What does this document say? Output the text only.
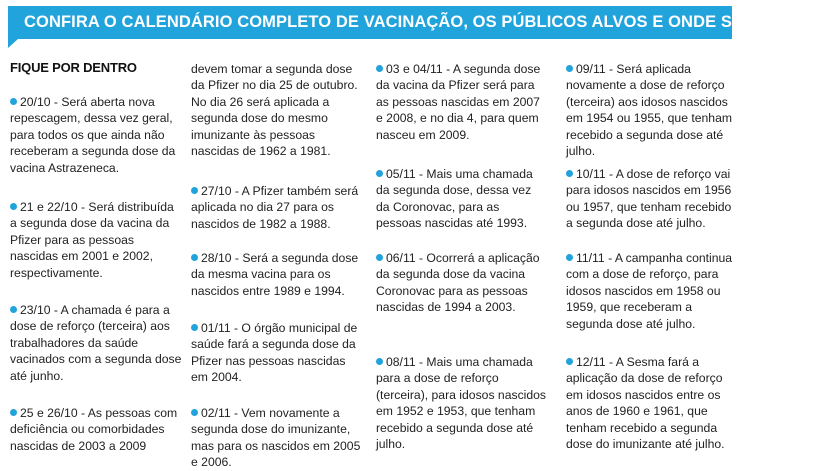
CONFIRA O CALENDÁRIO COMPLETO DE VACINAÇÃO, OS PÚBLICOS ALVOS E ONDE SE VACINAR

FIQUE POR DENTRO

20/10 - Será aberta nova repescagem, dessa vez geral, para todos os que ainda não receberam a segunda dose da vacina Astrazeneca.

21 e 22/10 - Será distribuída a segunda dose da vacina da Pfizer para as pessoas nascidas em 2001 e 2002, respectivamente.

23/10 - A chamada é para a dose de reforço (terceira) aos trabalhadores da saúde vacinados com a segunda dose até junho.

25 e 26/10 - As pessoas com deficiência ou comorbidades nascidas de 2003 a 2009

devem tomar a segunda dose da Pfizer no dia 25 de outubro. No dia 26 será aplicada a segunda dose do mesmo imunizante às pessoas nascidas de 1962 a 1981.

27/10 - A Pfizer também será aplicada no dia 27 para os nascidos de 1982 a 1988.

28/10 - Será a segunda dose da mesma vacina para os nascidos entre 1989 e 1994.

01/11 - O órgão municipal de saúde fará a segunda dose da Pfizer nas pessoas nascidas em 2004.

02/11 - Vem novamente a segunda dose do imunizante, mas para os nascidos em 2005 e 2006.

03 e 04/11 - A segunda dose da vacina da Pfizer será para as pessoas nascidas em 2007 e 2008, e no dia 4, para quem nasceu em 2009.

05/11 - Mais uma chamada da segunda dose, dessa vez da Coronovac, para as pessoas nascidas até 1993.

06/11 - Ocorrerá a aplicação da segunda dose da vacina Coronovac para as pessoas nascidas de 1994 a 2003.

08/11 - Mais uma chamada para a dose de reforço (terceira), para idosos nascidos em 1952 e 1953, que tenham recebido a segunda dose até julho.

09/11 - Será aplicada novamente a dose de reforço (terceira) aos idosos nascidos em 1954 ou 1955, que tenham recebido a segunda dose até julho.

10/11 - A dose de reforço vai para idosos nascidos em 1956 ou 1957, que tenham recebido a segunda dose até julho.

11/11 - A campanha continua com a dose de reforço, para idosos nascidos em 1958 ou 1959, que receberam a segunda dose até julho.

12/11 - A Sesma fará a aplicação da dose de reforço em idosos nascidos entre os anos de 1960 e 1961, que tenham recebido a segunda dose do imunizante até julho.
